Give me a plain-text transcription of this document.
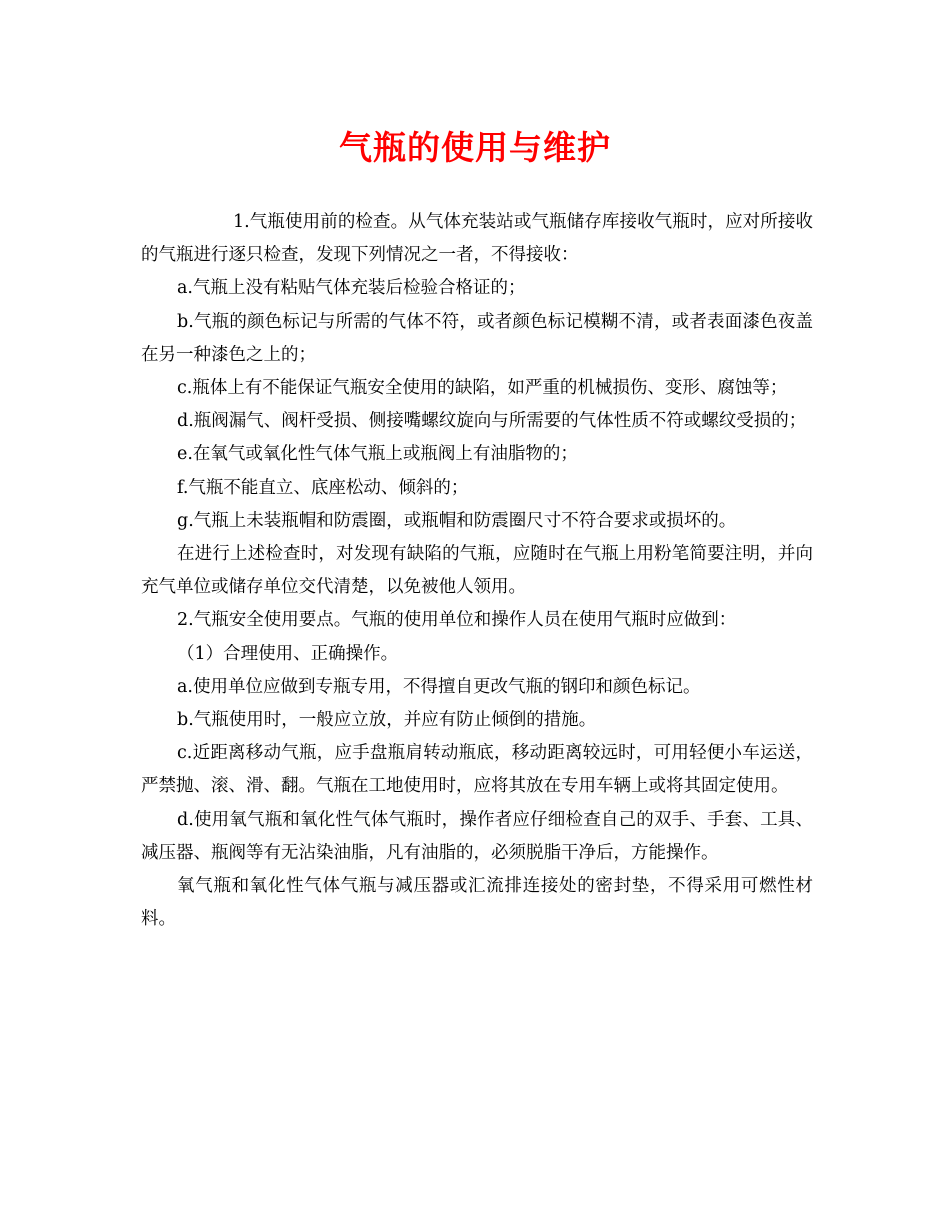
气瓶的使用与维护

1.气瓶使用前的检查。从气体充装站或气瓶储存库接收气瓶时，应对所接收的气瓶进行逐只检查，发现下列情况之一者，不得接收：

a.气瓶上没有粘贴气体充装后检验合格证的；

b.气瓶的颜色标记与所需的气体不符，或者颜色标记模糊不清，或者表面漆色夜盖在另一种漆色之上的；

c.瓶体上有不能保证气瓶安全使用的缺陷，如严重的机械损伤、变形、腐蚀等；

d.瓶阀漏气、阀杆受损、侧接嘴螺纹旋向与所需要的气体性质不符或螺纹受损的；

e.在氧气或氧化性气体气瓶上或瓶阀上有油脂物的；

f.气瓶不能直立、底座松动、倾斜的；

g.气瓶上未装瓶帽和防震圈，或瓶帽和防震圈尺寸不符合要求或损坏的。

在进行上述检查时，对发现有缺陷的气瓶，应随时在气瓶上用粉笔简要注明，并向充气单位或储存单位交代清楚，以免被他人领用。

2.气瓶安全使用要点。气瓶的使用单位和操作人员在使用气瓶时应做到：

（1）合理使用、正确操作。

a.使用单位应做到专瓶专用，不得擅自更改气瓶的钢印和颜色标记。

b.气瓶使用时，一般应立放，并应有防止倾倒的措施。

c.近距离移动气瓶，应手盘瓶肩转动瓶底，移动距离较远时，可用轻便小车运送，严禁抛、滚、滑、翻。气瓶在工地使用时，应将其放在专用车辆上或将其固定使用。

d.使用氧气瓶和氧化性气体气瓶时，操作者应仔细检查自己的双手、手套、工具、减压器、瓶阀等有无沾染油脂，凡有油脂的，必须脱脂干净后，方能操作。

氧气瓶和氧化性气体气瓶与减压器或汇流排连接处的密封垫，不得采用可燃性材料。
